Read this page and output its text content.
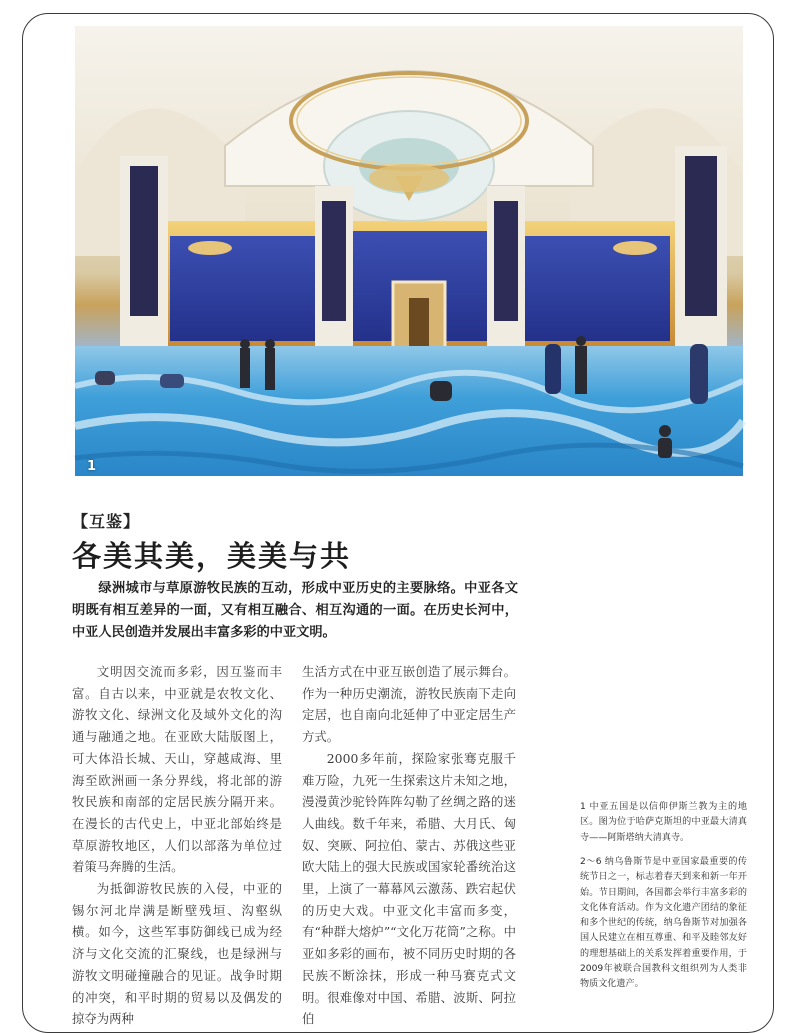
1
【互鉴】
各美其美，美美与共

绿洲城市与草原游牧民族的互动，形成中亚历史的主要脉络。中亚各文明既有相互差异的一面，又有相互融合、相互沟通的一面。在历史长河中，中亚人民创造并发展出丰富多彩的中亚文明。

文明因交流而多彩，因互鉴而丰富。自古以来，中亚就是农牧文化、游牧文化、绿洲文化及域外文化的沟通与融通之地。在亚欧大陆版图上，可大体沿长城、天山，穿越咸海、里海至欧洲画一条分界线，将北部的游牧民族和南部的定居民族分隔开来。在漫长的古代史上，中亚北部始终是草原游牧地区，人们以部落为单位过着策马奔腾的生活。

为抵御游牧民族的入侵，中亚的锡尔河北岸满是断壁残垣、沟壑纵横。如今，这些军事防御线已成为经济与文化交流的汇聚线，也是绿洲与游牧文明碰撞融合的见证。战争时期的冲突，和平时期的贸易以及偶发的掠夺为两种

生活方式在中亚互嵌创造了展示舞台。作为一种历史潮流，游牧民族南下走向定居，也自南向北延伸了中亚定居生产方式。

2000多年前，探险家张骞克服千难万险，九死一生探索这片未知之地，漫漫黄沙驼铃阵阵勾勒了丝绸之路的迷人曲线。数千年来，希腊、大月氏、匈奴、突厥、阿拉伯、蒙古、苏俄这些亚欧大陆上的强大民族或国家轮番统治这里，上演了一幕幕风云激荡、跌宕起伏的历史大戏。中亚文化丰富而多变，有“种群大熔炉”“文化万花筒”之称。中亚如多彩的画布，被不同历史时期的各民族不断涂抹，形成一种马赛克式文明。很难像对中国、希腊、波斯、阿拉伯

1 中亚五国是以信仰伊斯兰教为主的地区。图为位于哈萨克斯坦的中亚最大清真寺——阿斯塔纳大清真寺。

2～6 纳乌鲁斯节是中亚国家最重要的传统节日之一，标志着春天到来和新一年开始。节日期间，各国都会举行丰富多彩的文化体育活动。作为文化遗产团结的象征和多个世纪的传统，纳乌鲁斯节对加强各国人民建立在相互尊重、和平及睦邻友好的理想基础上的关系发挥着重要作用，于2009年被联合国教科文组织列为人类非物质文化遗产。
